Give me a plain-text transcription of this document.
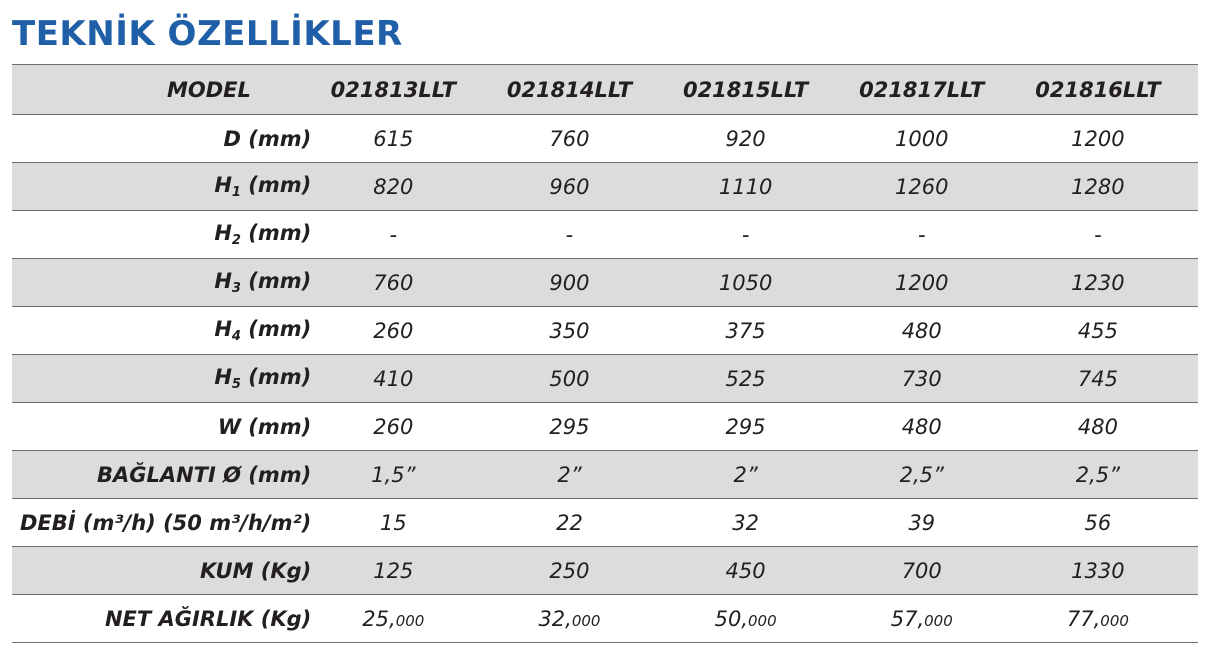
TEKNİK ÖZELLİKLER
MODEL	021813LLT	021814LLT	021815LLT	021817LLT	021816LLT
D (mm)	615	760	920	1000	1200
$H_1$ (mm)	820	960	1110	1260	1280
$H_2$ (mm)	-	-	-	-	-
$H_3$ (mm)	760	900	1050	1200	1230
$H_4$ (mm)	260	350	375	480	455
$H_5$ (mm)	410	500	525	730	745
W (mm)	260	295	295	480	480
BAĞLANTI Ø (mm)	1,5”	2”	2”	2,5”	2,5”
DEBİ (m³/h) (50 m³/h/m²)	15	22	32	39	56
KUM (Kg)	125	250	450	700	1330
NET AĞIRLIK (Kg)	25,000	32,000	50,000	57,000	77,000
